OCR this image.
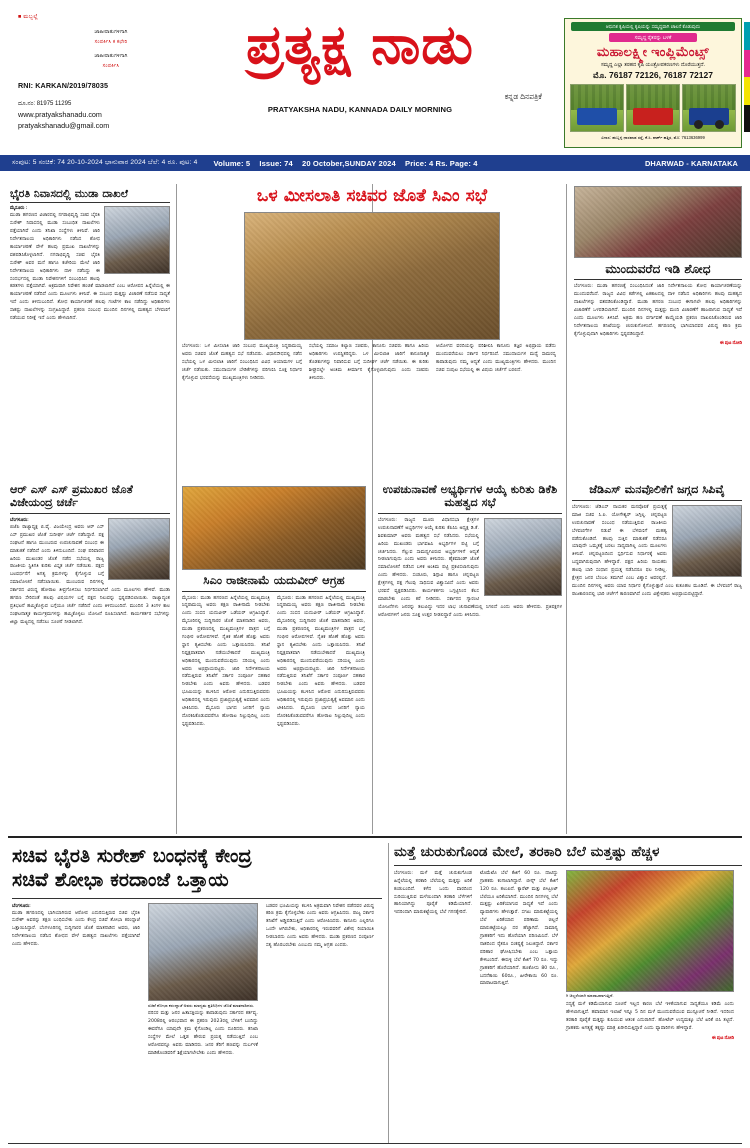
■ ಮಬ್ಬಲ್ಲೆ
ಜಾಹೀರಾತುಗಳಿಗಾಗಿ
ಸಂಪರ್ಕಿಸಿ ಕ ಕಛೇರಿ
ಜಾಹೀರಾತುಗಳಿಗಾಗಿ
ಸಂಪರ್ಕಿಸಿ
RNI: KARKAN/2019/78035
ದೂ.ನಂ: 81975 11295
www.pratyakshanadu.com
pratyakshanadu@gmail.com
ಪ್ರತ್ಯಕ್ಷ ನಾಡು
ಕನ್ನಡ ದಿನಪತ್ರಿಕೆ
PRATYAKSHA NADU, KANNADA DAILY MORNING
ಆಧುನಿಕ ಕೃಷಿಯಲ್ಲಿ ಕೃಷಿಯನ್ನು ಸಮೃದ್ಧವಾಗಿ ಚಾಲನೆ ಕೊಡುವುದು
ಸಮೃದ್ಧ ರೈತರನ್ನು ಬಳಕೆ
ಮಹಾಲಕ್ಷ್ಮೀ ಇಂಪ್ಲಿಮೆಂಟ್ಸ್
ಸಮೃದ್ಧ ಎಲ್ಲಾ ತರಹದ ಕೃಷಿ ಯಂತ್ರೋಪಕರಣಗಳು ದೊರೆಯುತ್ತದೆ.
ಮೊ. 76187 72126, 76187 72127
ವಿಳಾಸ: ಹುಬ್ಬಳ್ಳಿ ಧಾರವಾಡ ರಸ್ತೆ, ಕೆ.ಸಿ. ಪಾರ್ಕ್ ಹತ್ತಿರ, ಮೊ: 7613636999
ಸಂಪುಟ: 5 ಸಂಚಿಕೆ: 74 20-10-2024 ಭಾನುವಾರ 2024 ಬೆಲೆ: 4 ರೂ. ಪುಟ: 4 Volume: 5 Issue: 74 20 October,SUNDAY 2024 Price: 4 Rs. Page: 4	DHARWAD - KARNATAKA
ಭೈರತಿ ನಿವಾಸದಲ್ಲಿ ಮುಡಾ ದಾಖಲೆ
ಮೈಸೂರು :
ಮುಡಾ ಹಗರಣದ ವಿಚಾರದಲ್ಲಿ ನಗರಾಭಿವೃದ್ಧಿ ಸಚಿವ ಬೈರತಿ ಸುರೇಶ್ ನಿವಾಸದಲ್ಲಿ ಮುಡಾ ಸಂಬಂಧಿತ ದಾಖಲೆಗಳು ಪತ್ತೆಯಾಗಿವೆ ಎಂದು ತನಿಖಾ ಸಂಸ್ಥೆಗಳು ತಿಳಿಸಿವೆ. ಜಾರಿ ನಿರ್ದೇಶನಾಲಯ ಅಧಿಕಾರಿಗಳು ನಡೆಸಿದ ಶೋಧ ಕಾರ್ಯಾಚರಣೆ ವೇಳೆ ಹಲವು ಪ್ರಮುಖ ದಾಖಲೆಗಳನ್ನು ವಶಪಡಿಸಿಕೊಳ್ಳಲಾಗಿದೆ. ನಗರಾಭಿವೃದ್ಧಿ ಸಚಿವ ಭೈರತಿ ಸುರೇಶ್ ಅವರ ಮನೆ ಹಾಗೂ ಕಚೇರಿಯ ಮೇಲೆ ಜಾರಿ ನಿರ್ದೇಶನಾಲಯ ಅಧಿಕಾರಿಗಳು ದಾಳಿ ನಡೆಸಿದ್ದು ಈ ಸಂದರ್ಭದಲ್ಲಿ ಮುಡಾ ನಿವೇಶನಗಳಿಗೆ ಸಂಬಂಧಿಸಿದ ಹಲವು ಕಡತಗಳು ಪತ್ತೆಯಾಗಿವೆ. ಅಕ್ರಮವಾಗಿ ನಿವೇಶನ ಹಂಚಿಕೆ ಮಾಡಲಾಗಿದೆ ಎಂಬ ಆರೋಪದ ಹಿನ್ನೆಲೆಯಲ್ಲಿ ಈ ಕಾರ್ಯಾಚರಣೆ ನಡೆದಿದೆ ಎಂದು ಮೂಲಗಳು ತಿಳಿಸಿವೆ. ಈ ಸಂಬಂಧ ಮತ್ತಷ್ಟು ವಿಚಾರಣೆ ನಡೆಸುವ ಸಾಧ್ಯತೆ ಇದೆ ಎಂದು ತಿಳಿದುಬಂದಿದೆ. ಶೋಧ ಕಾರ್ಯಾಚರಣೆ ಹಲವು ಗಂಟೆಗಳ ಕಾಲ ನಡೆದಿದ್ದು ಅಧಿಕಾರಿಗಳು ಸಾಕಷ್ಟು ದಾಖಲೆಗಳನ್ನು ಸಂಗ್ರಹಿಸಿದ್ದಾರೆ. ಪ್ರಕರಣ ಸಂಬಂಧ ಮುಂದಿನ ದಿನಗಳಲ್ಲಿ ಮಹತ್ವದ ಬೆಳವಣಿಗೆ ನಡೆಯುವ ನಿರೀಕ್ಷೆ ಇದೆ ಎಂದು ಹೇಳಲಾಗಿದೆ.
ಒಳ ಮೀಸಲಾತಿ ಸಚಿವರ ಜೊತೆ ಸಿಎಂ ಸಭೆ
ಬೆಂಗಳೂರು: ಒಳ ಮೀಸಲಾತಿ ಜಾರಿ ಸಂಬಂಧ ಮುಖ್ಯಮಂತ್ರಿ ಸಿದ್ದರಾಮಯ್ಯ ಅವರು ಸಚಿವರ ಜೊತೆ ಮಹತ್ವದ ಸಭೆ ನಡೆಸಿದರು. ವಿಧಾನಸೌಧದಲ್ಲಿ ನಡೆದ ಸಭೆಯಲ್ಲಿ ಒಳ ಮೀಸಲಾತಿ ಜಾರಿಗೆ ಸಂಬಂಧಿಸಿದ ವಿವಿಧ ಆಯಾಮಗಳ ಬಗ್ಗೆ ಚರ್ಚೆ ನಡೆಯಿತು. ಸಮುದಾಯಗಳ ಬೇಡಿಕೆಗಳನ್ನು ಪರಿಗಣಿಸಿ ಸೂಕ್ತ ನಿರ್ಧಾರ ಕೈಗೊಳ್ಳುವ ಭರವಸೆಯನ್ನು ಮುಖ್ಯಮಂತ್ರಿಗಳು ನೀಡಿದರು.
ಸಭೆಯಲ್ಲಿ ಸಮಾಜ ಕಲ್ಯಾಣ ಸಚಿವರು, ಕಾನೂನು ಸಚಿವರು ಹಾಗೂ ಹಿರಿಯ ಅಧಿಕಾರಿಗಳು ಉಪಸ್ಥಿತರಿದ್ದರು. ಒಳ ಮೀಸಲಾತಿ ಜಾರಿಗೆ ಕಾನೂನಾತ್ಮಕ ತೊಡಕುಗಳನ್ನು ನಿವಾರಿಸುವ ಬಗ್ಗೆ ಸುದೀರ್ಘ ಚರ್ಚೆ ನಡೆಯಿತು. ಈ ಕುರಿತು ಶೀಘ್ರದಲ್ಲೇ ಅಂತಿಮ ತೀರ್ಮಾನ ಕೈಗೊಳ್ಳಲಾಗುವುದು ಎಂದು ಸಚಿವರು ತಿಳಿಸಿದರು.
ಆಯೋಗದ ವರದಿಯನ್ನು ಪರಿಶೀಲಿಸಿ ಕಾನೂನು ತಜ್ಞರ ಅಭಿಪ್ರಾಯ ಪಡೆದು ಮುಂದುವರೆಯಲು ಸರ್ಕಾರ ನಿರ್ಧರಿಸಿದೆ. ಸಮುದಾಯಗಳ ಮಧ್ಯೆ ಸಾಮರಸ್ಯ ಕಾಪಾಡುವುದು ನಮ್ಮ ಆದ್ಯತೆ ಎಂದು ಮುಖ್ಯಮಂತ್ರಿಗಳು ಹೇಳಿದರು. ಮುಂದಿನ ಸಚಿವ ಸಂಪುಟ ಸಭೆಯಲ್ಲಿ ಈ ವಿಷಯ ಚರ್ಚೆಗೆ ಬರಲಿದೆ.
ಮುಂದುವರೆದ ಇಡಿ ಶೋಧ
ಬೆಂಗಳೂರು: ಮುಡಾ ಹಗರಣಕ್ಕೆ ಸಂಬಂಧಿಸಿದಂತೆ ಜಾರಿ ನಿರ್ದೇಶನಾಲಯ ಶೋಧ ಕಾರ್ಯಾಚರಣೆಯನ್ನು ಮುಂದುವರೆಸಿದೆ. ರಾಜ್ಯದ ವಿವಿಧ ಕಡೆಗಳಲ್ಲಿ ಏಕಕಾಲದಲ್ಲಿ ದಾಳಿ ನಡೆಸಿದ ಅಧಿಕಾರಿಗಳು ಹಲವು ಮಹತ್ವದ ದಾಖಲೆಗಳನ್ನು ವಶಪಡಿಸಿಕೊಂಡಿದ್ದಾರೆ. ಮುಡಾ ಹಗರಣ ಸಂಬಂಧ ಈಗಾಗಲೇ ಹಲವು ಅಧಿಕಾರಿಗಳನ್ನು ವಿಚಾರಣೆಗೆ ಒಳಪಡಿಸಲಾಗಿದೆ. ಮುಂದಿನ ದಿನಗಳಲ್ಲಿ ಮತ್ತಷ್ಟು ಮಂದಿ ವಿಚಾರಣೆಗೆ ಹಾಜರಾಗುವ ಸಾಧ್ಯತೆ ಇದೆ ಎಂದು ಮೂಲಗಳು ತಿಳಿಸಿವೆ. ಅಕ್ರಮ ಹಣ ವರ್ಗಾವಣೆ ಕಾಯ್ದೆಯಡಿ ಪ್ರಕರಣ ದಾಖಲಿಸಿಕೊಂಡಿರುವ ಜಾರಿ ನಿರ್ದೇಶನಾಲಯ ತನಿಖೆಯನ್ನು ಚುರುಕುಗೊಳಿಸಿದೆ. ಹಗರಣದಲ್ಲಿ ಭಾಗಿಯಾದವರ ವಿರುದ್ಧ ಕಠಿಣ ಕ್ರಮ ಕೈಗೊಳ್ಳುವುದಾಗಿ ಅಧಿಕಾರಿಗಳು ಸ್ಪಷ್ಟಪಡಿಸಿದ್ದಾರೆ.
ಈ ಪುಟ ನೋಡಿ
ಆರ್ ಎಸ್ ಎಸ್ ಪ್ರಮುಖರ ಜೊತೆ ವಿಜೇಯಂದ್ರ ಚರ್ಚೆ
ಬೆಂಗಳೂರು:
ಬಿಜೆಪಿ ರಾಜ್ಯಾಧ್ಯಕ್ಷ ಬಿ.ವೈ. ವಿಜಯೇಂದ್ರ ಅವರು ಆರ್ ಎಸ್ ಎಸ್ ಪ್ರಮುಖರ ಜೊತೆ ಸುದೀರ್ಘ ಚರ್ಚೆ ನಡೆಸಿದ್ದಾರೆ. ಪಕ್ಷ ಸಂಘಟನೆ ಹಾಗೂ ಮುಂಬರುವ ಉಪಚುನಾವಣೆ ಸಂಬಂಧ ಈ ಮಾತುಕತೆ ನಡೆದಿದೆ ಎಂದು ತಿಳಿದುಬಂದಿದೆ. ಸಂಘ ಪರಿವಾರದ ಹಿರಿಯ ಮುಖಂಡರ ಜೊತೆ ನಡೆದ ಸಭೆಯಲ್ಲಿ ರಾಜ್ಯ ರಾಜಕೀಯ ಸ್ಥಿತಿಗತಿ ಕುರಿತು ವಿಸ್ತೃತ ಚರ್ಚೆ ನಡೆಯಿತು. ಪಕ್ಷದ ಬಲವರ್ಧನೆಗೆ ಅಗತ್ಯ ಕ್ರಮಗಳನ್ನು ಕೈಗೊಳ್ಳುವ ಬಗ್ಗೆ ಸಮಾಲೋಚನೆ ನಡೆಸಲಾಯಿತು. ಮುಂಬರುವ ದಿನಗಳಲ್ಲಿ ಸರ್ಕಾರದ ವಿರುದ್ಧ ಹೋರಾಟ ತೀವ್ರಗೊಳಿಸಲು ನಿರ್ಧರಿಸಲಾಗಿದೆ ಎಂದು ಮೂಲಗಳು ಹೇಳಿವೆ. ಮುಡಾ ಹಗರಣ ಸೇರಿದಂತೆ ಹಲವು ವಿಷಯಗಳ ಬಗ್ಗೆ ಪಕ್ಷದ ನಿಲುವನ್ನು ಸ್ಪಷ್ಟಪಡಿಸಲಾಯಿತು. ರಾಜ್ಯಾದ್ಯಂತ ಪ್ರತಿಭಟನೆ ಹಮ್ಮಿಕೊಳ್ಳುವ ಬಗ್ಗೆಯೂ ಚರ್ಚೆ ನಡೆದಿದೆ ಎಂದು ತಿಳಿದುಬಂದಿದೆ. ಮುಂದಿನ 3 ತಿಂಗಳ ಕಾಲ ಸಂಘಟನಾತ್ಮಕ ಕಾರ್ಯಕ್ರಮಗಳನ್ನು ಹಮ್ಮಿಕೊಳ್ಳಲು ಯೋಜನೆ ರೂಪಿಸಲಾಗಿದೆ. ಕಾರ್ಯಕರ್ತರ ಸಭೆಗಳನ್ನು ಜಿಲ್ಲಾ ಮಟ್ಟದಲ್ಲಿ ನಡೆಸಲು ಸೂಚನೆ ನೀಡಲಾಗಿದೆ.
ಸಿಎಂ ರಾಜೀನಾಮೆ ಯದುವೀರ್ ಆಗ್ರಹ
ಮೈಸೂರು: ಮುಡಾ ಹಗರಣದ ಹಿನ್ನೆಲೆಯಲ್ಲಿ ಮುಖ್ಯಮಂತ್ರಿ ಸಿದ್ದರಾಮಯ್ಯ ಅವರು ತಕ್ಷಣ ರಾಜೀನಾಮೆ ನೀಡಬೇಕು ಎಂದು ಸಂಸದ ಯದುವೀರ್ ಒಡೆಯರ್ ಆಗ್ರಹಿಸಿದ್ದಾರೆ. ಮೈಸೂರಿನಲ್ಲಿ ಸುದ್ದಿಗಾರರ ಜೊತೆ ಮಾತನಾಡಿದ ಅವರು, ಮುಡಾ ಪ್ರಕರಣದಲ್ಲಿ ಮುಖ್ಯಮಂತ್ರಿಗಳ ಪಾತ್ರದ ಬಗ್ಗೆ ಗಂಭೀರ ಆರೋಪಗಳಿವೆ. ನೈತಿಕ ಹೊಣೆ ಹೊತ್ತು ಅವರು ಸ್ಥಾನ ತ್ಯಜಿಸಬೇಕು ಎಂದು ಒತ್ತಾಯಿಸಿದರು. ತನಿಖೆ ನಿಷ್ಪಕ್ಷಪಾತವಾಗಿ ನಡೆಯಬೇಕಾದರೆ ಮುಖ್ಯಮಂತ್ರಿ ಅಧಿಕಾರದಲ್ಲಿ ಮುಂದುವರೆಯುವುದು ಸರಿಯಲ್ಲ ಎಂದು ಅವರು ಅಭಿಪ್ರಾಯಪಟ್ಟರು. ಜಾರಿ ನಿರ್ದೇಶನಾಲಯ ನಡೆಸುತ್ತಿರುವ ತನಿಖೆಗೆ ಸರ್ಕಾರ ಸಂಪೂರ್ಣ ಸಹಕಾರ ನೀಡಬೇಕು ಎಂದು ಅವರು ಹೇಳಿದರು. ಬಡವರ ಭೂಮಿಯನ್ನು ಕಬಳಿಸಿದ ಆರೋಪ ಎದುರಿಸುತ್ತಿರುವವರು ಅಧಿಕಾರದಲ್ಲಿ ಇರುವುದು ಪ್ರಜಾಪ್ರಭುತ್ವಕ್ಕೆ ಅವಮಾನ ಎಂದು ಟೀಕಿಸಿದರು. ಮೈಸೂರು ಭಾಗದ ಜನರಿಗೆ ನ್ಯಾಯ ದೊರಕಿಸಿಕೊಡುವವರೆಗೂ ಹೋರಾಟ ನಿಲ್ಲುವುದಿಲ್ಲ ಎಂದು ಸ್ಪಷ್ಟಪಡಿಸಿದರು.
ಮೈಸೂರು: ಮುಡಾ ಹಗರಣದ ಹಿನ್ನೆಲೆಯಲ್ಲಿ ಮುಖ್ಯಮಂತ್ರಿ ಸಿದ್ದರಾಮಯ್ಯ ಅವರು ತಕ್ಷಣ ರಾಜೀನಾಮೆ ನೀಡಬೇಕು ಎಂದು ಸಂಸದ ಯದುವೀರ್ ಒಡೆಯರ್ ಆಗ್ರಹಿಸಿದ್ದಾರೆ. ಮೈಸೂರಿನಲ್ಲಿ ಸುದ್ದಿಗಾರರ ಜೊತೆ ಮಾತನಾಡಿದ ಅವರು, ಮುಡಾ ಪ್ರಕರಣದಲ್ಲಿ ಮುಖ್ಯಮಂತ್ರಿಗಳ ಪಾತ್ರದ ಬಗ್ಗೆ ಗಂಭೀರ ಆರೋಪಗಳಿವೆ. ನೈತಿಕ ಹೊಣೆ ಹೊತ್ತು ಅವರು ಸ್ಥಾನ ತ್ಯಜಿಸಬೇಕು ಎಂದು ಒತ್ತಾಯಿಸಿದರು. ತನಿಖೆ ನಿಷ್ಪಕ್ಷಪಾತವಾಗಿ ನಡೆಯಬೇಕಾದರೆ ಮುಖ್ಯಮಂತ್ರಿ ಅಧಿಕಾರದಲ್ಲಿ ಮುಂದುವರೆಯುವುದು ಸರಿಯಲ್ಲ ಎಂದು ಅವರು ಅಭಿಪ್ರಾಯಪಟ್ಟರು. ಜಾರಿ ನಿರ್ದೇಶನಾಲಯ ನಡೆಸುತ್ತಿರುವ ತನಿಖೆಗೆ ಸರ್ಕಾರ ಸಂಪೂರ್ಣ ಸಹಕಾರ ನೀಡಬೇಕು ಎಂದು ಅವರು ಹೇಳಿದರು. ಬಡವರ ಭೂಮಿಯನ್ನು ಕಬಳಿಸಿದ ಆರೋಪ ಎದುರಿಸುತ್ತಿರುವವರು ಅಧಿಕಾರದಲ್ಲಿ ಇರುವುದು ಪ್ರಜಾಪ್ರಭುತ್ವಕ್ಕೆ ಅವಮಾನ ಎಂದು ಟೀಕಿಸಿದರು. ಮೈಸೂರು ಭಾಗದ ಜನರಿಗೆ ನ್ಯಾಯ ದೊರಕಿಸಿಕೊಡುವವರೆಗೂ ಹೋರಾಟ ನಿಲ್ಲುವುದಿಲ್ಲ ಎಂದು ಸ್ಪಷ್ಟಪಡಿಸಿದರು.
ಉಪಚುನಾವಣೆ ಅಭ್ಯರ್ಥಿಗಳ ಆಯ್ಕೆ ಕುರಿತು ಡಿಕೆಶಿ ಮಹತ್ವದ ಸಭೆ
ಬೆಂಗಳೂರು: ರಾಜ್ಯದ ಮೂರು ವಿಧಾನಸಭಾ ಕ್ಷೇತ್ರಗಳ ಉಪಚುನಾವಣೆಗೆ ಅಭ್ಯರ್ಥಿಗಳ ಆಯ್ಕೆ ಕುರಿತು ಕೆಪಿಸಿಸಿ ಅಧ್ಯಕ್ಷ ಡಿ.ಕೆ. ಶಿವಕುಮಾರ್ ಅವರು ಮಹತ್ವದ ಸಭೆ ನಡೆಸಿದರು. ಸಭೆಯಲ್ಲಿ ಹಿರಿಯ ಮುಖಂಡರು ಭಾಗವಹಿಸಿ ಅಭ್ಯರ್ಥಿಗಳ ಪಟ್ಟಿ ಬಗ್ಗೆ ಚರ್ಚಿಸಿದರು. ಗೆಲ್ಲುವ ಸಾಮರ್ಥ್ಯವಿರುವ ಅಭ್ಯರ್ಥಿಗಳಿಗೆ ಆದ್ಯತೆ ನೀಡಲಾಗುವುದು ಎಂದು ಅವರು ತಿಳಿಸಿದರು. ಹೈಕಮಾಂಡ್ ಜೊತೆ ಸಮಾಲೋಚನೆ ನಡೆಸಿದ ಬಳಿಕ ಅಂತಿಮ ಪಟ್ಟಿ ಪ್ರಕಟಿಸಲಾಗುವುದು ಎಂದು ಹೇಳಿದರು. ಸಂಡೂರು, ಶಿಗ್ಗಾವಿ ಹಾಗೂ ಚನ್ನಪಟ್ಟಣ ಕ್ಷೇತ್ರಗಳಲ್ಲಿ ಪಕ್ಷ ಗೆಲುವು ಸಾಧಿಸುವ ವಿಶ್ವಾಸವಿದೆ ಎಂದು ಅವರು ಭರವಸೆ ವ್ಯಕ್ತಪಡಿಸಿದರು. ಕಾರ್ಯಕರ್ತರು ಒಗ್ಗಟ್ಟಿನಿಂದ ಕೆಲಸ ಮಾಡಬೇಕು ಎಂದು ಕರೆ ನೀಡಿದರು. ಸರ್ಕಾರದ ಗ್ಯಾರಂಟಿ ಯೋಜನೆಗಳು ಜನರನ್ನು ತಲುಪಿದ್ದು ಇದರ ಲಾಭ ಚುನಾವಣೆಯಲ್ಲಿ ಸಿಗಲಿದೆ ಎಂದು ಅವರು ಹೇಳಿದರು. ಪ್ರತಿಪಕ್ಷಗಳ ಆರೋಪಗಳಿಗೆ ಜನರು ಸೂಕ್ತ ಉತ್ತರ ನೀಡಲಿದ್ದಾರೆ ಎಂದು ತಿಳಿಸಿದರು.
ಜೆಡಿಎಸ್ ಮನವೊಲಿಕೆಗೆ ಜಗ್ಗದ ಸಿಪಿವೈ
ಬೆಂಗಳೂರು: ಜೆಡಿಎಸ್ ನಾಯಕರ ಮನವೊಲಿಕೆ ಪ್ರಯತ್ನಕ್ಕೆ ಮಾಜಿ ಸಚಿವ ಸಿ.ಪಿ. ಯೋಗೇಶ್ವರ್ ಜಗ್ಗಿಲ್ಲ. ಚನ್ನಪಟ್ಟಣ ಉಪಚುನಾವಣೆ ಸಂಬಂಧ ನಡೆಯುತ್ತಿರುವ ರಾಜಕೀಯ ಬೆಳವಣಿಗೆಗಳ ನಡುವೆ ಈ ಬೆಳವಣಿಗೆ ಮಹತ್ವ ಪಡೆದುಕೊಂಡಿದೆ. ಹಲವು ಸುತ್ತಿನ ಮಾತುಕತೆ ನಡೆದರೂ ಯಾವುದೇ ಒಮ್ಮತಕ್ಕೆ ಬರಲು ಸಾಧ್ಯವಾಗಿಲ್ಲ ಎಂದು ಮೂಲಗಳು ತಿಳಿಸಿವೆ. ಚನ್ನಪಟ್ಟಣದಿಂದ ಸ್ಪರ್ಧಿಸುವ ನಿರ್ಧಾರಕ್ಕೆ ಅವರು ಬದ್ಧವಾಗಿರುವುದಾಗಿ ಹೇಳಿದ್ದಾರೆ. ಪಕ್ಷದ ಹಿರಿಯ ನಾಯಕರು ಹಲವು ಬಾರಿ ಸಂಧಾನ ಪ್ರಯತ್ನ ನಡೆಸಿದರೂ ಫಲ ನೀಡಿಲ್ಲ. ಕ್ಷೇತ್ರದ ಜನರ ಬೆಂಬಲ ತಮಗಿದೆ ಎಂಬ ವಿಶ್ವಾಸ ಅವರಲ್ಲಿದೆ. ಮುಂದಿನ ದಿನಗಳಲ್ಲಿ ಅವರು ಯಾವ ನಿರ್ಧಾರ ಕೈಗೊಳ್ಳುತ್ತಾರೆ ಎಂಬ ಕುತೂಹಲ ಮೂಡಿದೆ. ಈ ಬೆಳವಣಿಗೆ ರಾಜ್ಯ ರಾಜಕಾರಣದಲ್ಲಿ ಭಾರಿ ಚರ್ಚೆಗೆ ಕಾರಣವಾಗಿದೆ ಎಂದು ವಿಶ್ಲೇಷಕರು ಅಭಿಪ್ರಾಯಪಟ್ಟಿದ್ದಾರೆ.
ಸಚಿವ ಭೈರತಿ ಸುರೇಶ್ ಬಂಧನಕ್ಕೆ ಕೇಂದ್ರ
ಸಚಿವೆ ಶೋಭಾ ಕರದಾಂಜೆ ಒತ್ತಾಯ
ಬೆಂಗಳೂರು:
ಮುಡಾ ಹಗರಣದಲ್ಲಿ ಭಾಗಿಯಾಗಿರುವ ಆರೋಪ ಎದುರಿಸುತ್ತಿರುವ ಸಚಿವ ಭೈರತಿ ಸುರೇಶ್ ಅವರನ್ನು ತಕ್ಷಣ ಬಂಧಿಸಬೇಕು ಎಂದು ಕೇಂದ್ರ ಸಚಿವೆ ಶೋಭಾ ಕರಂದ್ಲಾಜೆ ಒತ್ತಾಯಿಸಿದ್ದಾರೆ. ಬೆಂಗಳೂರಿನಲ್ಲಿ ಸುದ್ದಿಗಾರರ ಜೊತೆ ಮಾತನಾಡಿದ ಅವರು, ಜಾರಿ ನಿರ್ದೇಶನಾಲಯ ನಡೆಸಿದ ಶೋಧದ ವೇಳೆ ಮಹತ್ವದ ದಾಖಲೆಗಳು ಪತ್ತೆಯಾಗಿವೆ ಎಂದು ಹೇಳಿದರು.
ಸಚಿವೆ ಶೋಭಾ ಕರಂದ್ಲಾಜೆ ಅವರು ಮಾಧ್ಯಮ ಪ್ರತಿನಿಧಿಗಳ ಜೊತೆ ಮಾತನಾಡಿದರು.
ಪರಿಸರ ಮತ್ತು ಜನರ ಹಿತಾಸಕ್ತಿಯನ್ನು ಕಾಪಾಡುವುದು ಸರ್ಕಾರದ ಕರ್ತವ್ಯ. 2008ರಲ್ಲಿ ಆರಂಭವಾದ ಈ ಪ್ರಕರಣ 2023ರಲ್ಲಿ ಬೆಳಕಿಗೆ ಬಂದಿದ್ದು ಈವರೆಗೂ ಯಾವುದೇ ಕ್ರಮ ಕೈಗೊಂಡಿಲ್ಲ ಎಂದು ದೂರಿದರು. ತನಿಖಾ ಸಂಸ್ಥೆಗಳ ಮೇಲೆ ಒತ್ತಡ ಹೇರುವ ಪ್ರಯತ್ನ ನಡೆಯುತ್ತಿದೆ ಎಂಬ ಆರೋಪವನ್ನೂ ಅವರು ಮಾಡಿದರು. ಜನರ ತೆರಿಗೆ ಹಣವನ್ನು ದುರ್ಬಳಕೆ ಮಾಡಿಕೊಂಡವರಿಗೆ ಶಿಕ್ಷೆಯಾಗಲೇಬೇಕು ಎಂದು ಹೇಳಿದರು.
ಬಡವರ ಭೂಮಿಯನ್ನು ಕಬಳಿಸಿ ಅಕ್ರಮವಾಗಿ ನಿವೇಶನ ಪಡೆದವರ ವಿರುದ್ಧ ಕಠಿಣ ಕ್ರಮ ಕೈಗೊಳ್ಳಬೇಕು ಎಂದು ಅವರು ಆಗ್ರಹಿಸಿದರು. ರಾಜ್ಯ ಸರ್ಕಾರ ತನಿಖೆಗೆ ಅಡ್ಡಿಪಡಿಸುತ್ತಿದೆ ಎಂದು ಆರೋಪಿಸಿದರು. ಕಾನೂನು ಎಲ್ಲರಿಗೂ ಒಂದೇ ಆಗಿರಬೇಕು, ಅಧಿಕಾರದಲ್ಲಿ ಇರುವವರಿಗೆ ವಿಶೇಷ ರಿಯಾಯಿತಿ ನೀಡಬಾರದು ಎಂದು ಅವರು ಹೇಳಿದರು. ಮುಡಾ ಪ್ರಕರಣದ ಸಂಪೂರ್ಣ ಸತ್ಯ ಹೊರಬರಬೇಕು ಎಂಬುದು ನಮ್ಮ ಆಗ್ರಹ ಎಂದರು.
ಮತ್ತೆ ಚುರುಕುಗೊಂಡ ಮೇಲೆ, ತರಕಾರಿ ಬೆಲೆ ಮತ್ತಷ್ಟು ಹೆಚ್ಚಳ
ಬೆಂಗಳೂರು: ಮಳೆ ಮತ್ತೆ ಚುರುಕುಗೊಂಡ ಹಿನ್ನೆಲೆಯಲ್ಲಿ ತರಕಾರಿ ಬೆಲೆಯಲ್ಲಿ ಮತ್ತಷ್ಟು ಏರಿಕೆ ಕಂಡುಬಂದಿದೆ. ಕಳೆದ ಒಂದು ವಾರದಿಂದ ಸುರಿಯುತ್ತಿರುವ ಮಳೆಯಿಂದಾಗಿ ತರಕಾರಿ ಬೆಳೆಗಳಿಗೆ ಹಾನಿಯಾಗಿದ್ದು ಪೂರೈಕೆ ಕಡಿಮೆಯಾಗಿದೆ. ಇದರಿಂದಾಗಿ ಮಾರುಕಟ್ಟೆಯಲ್ಲಿ ಬೆಲೆ ಗಗನಕ್ಕೇರಿದೆ.
ಟೊಮೆಟೊ ಬೆಲೆ ಕೆಜಿಗೆ 60 ರೂ. ದಾಟಿದ್ದು ಗ್ರಾಹಕರು ಕಂಗಾಲಾಗಿದ್ದಾರೆ. ಬೀನ್ಸ್ ಬೆಲೆ ಕೆಜಿಗೆ 120 ರೂ. ತಲುಪಿದೆ. ಕ್ಯಾರೆಟ್ ಮತ್ತು ಬೀಟ್ರೂಟ್ ಬೆಲೆಯೂ ಏರಿಕೆಯಾಗಿದೆ. ಮುಂದಿನ ದಿನಗಳಲ್ಲಿ ಬೆಲೆ ಮತ್ತಷ್ಟು ಏರಿಕೆಯಾಗುವ ಸಾಧ್ಯತೆ ಇದೆ ಎಂದು ವ್ಯಾಪಾರಿಗಳು ಹೇಳುತ್ತಾರೆ. ಸಗಟು ಮಾರುಕಟ್ಟೆಯಲ್ಲಿ ಬೆಲೆ ಏರಿಕೆಯಾದ ಪರಿಣಾಮ ಚಿಲ್ಲರೆ ಮಾರುಕಟ್ಟೆಯಲ್ಲೂ ದರ ಹೆಚ್ಚಾಗಿದೆ. ಸಾಮಾನ್ಯ ಗ್ರಾಹಕರಿಗೆ ಇದು ಹೊರೆಯಾಗಿ ಪರಿಣಮಿಸಿದೆ. ಬೆಳೆ ನಾಶದಿಂದ ರೈತರೂ ಸಂಕಷ್ಟಕ್ಕೆ ಸಿಲುಕಿದ್ದಾರೆ. ಸರ್ಕಾರ ಪರಿಹಾರ ಘೋಷಿಸಬೇಕು ಎಂಬ ಒತ್ತಾಯ ಕೇಳಿಬಂದಿದೆ. ಈರುಳ್ಳಿ ಬೆಲೆ ಕೆಜಿಗೆ 70 ರೂ. ಇದ್ದು ಗ್ರಾಹಕರಿಗೆ ಹೊರೆಯಾಗಿದೆ. ಹೂಕೋಸು 80 ರೂ., ಬದನೆಕಾಯಿ 60ರೂ., ಹೀರೇಕಾಯಿ 60 ರೂ. ಮಾರಾಟವಾಗುತ್ತಿದೆ.
ಗಿ ಚಿಲ್ಲರೆಯಾಗಿ ಮಾರಾಟವಾಗುತ್ತಿದೆ.
ಸದ್ಯಕ್ಕೆ ಮಳೆ ಕಡಿಮೆಯಾಗುವ ಸೂಚನೆ ಇಲ್ಲದ ಕಾರಣ ಬೆಲೆ ಇಳಿಕೆಯಾಗುವ ಸಾಧ್ಯತೆಯೂ ಕಡಿಮೆ ಎಂದು ಹೇಳಲಾಗುತ್ತಿದೆ. ಹವಾಮಾನ ಇಲಾಖೆ ಇನ್ನೂ 5 ದಿನ ಮಳೆ ಮುಂದುವರೆಯುವ ಮುನ್ಸೂಚನೆ ನೀಡಿದೆ. ಇದರಿಂದ ತರಕಾರಿ ಪೂರೈಕೆ ಮತ್ತಷ್ಟು ಕುಸಿಯುವ ಆತಂಕ ಎದುರಾಗಿದೆ. ಹೋಟೆಲ್ ಉದ್ಯಮಕ್ಕೂ ಬೆಲೆ ಏರಿಕೆ ಬಿಸಿ ತಟ್ಟಿದೆ. ಗ್ರಾಹಕರು ಅಗತ್ಯಕ್ಕೆ ತಕ್ಕಷ್ಟು ಮಾತ್ರ ಖರೀದಿಸುತ್ತಿದ್ದಾರೆ ಎಂದು ವ್ಯಾಪಾರಿಗಳು ಹೇಳಿದ್ದಾರೆ.
ಈ ಪುಟ ನೋಡಿ
